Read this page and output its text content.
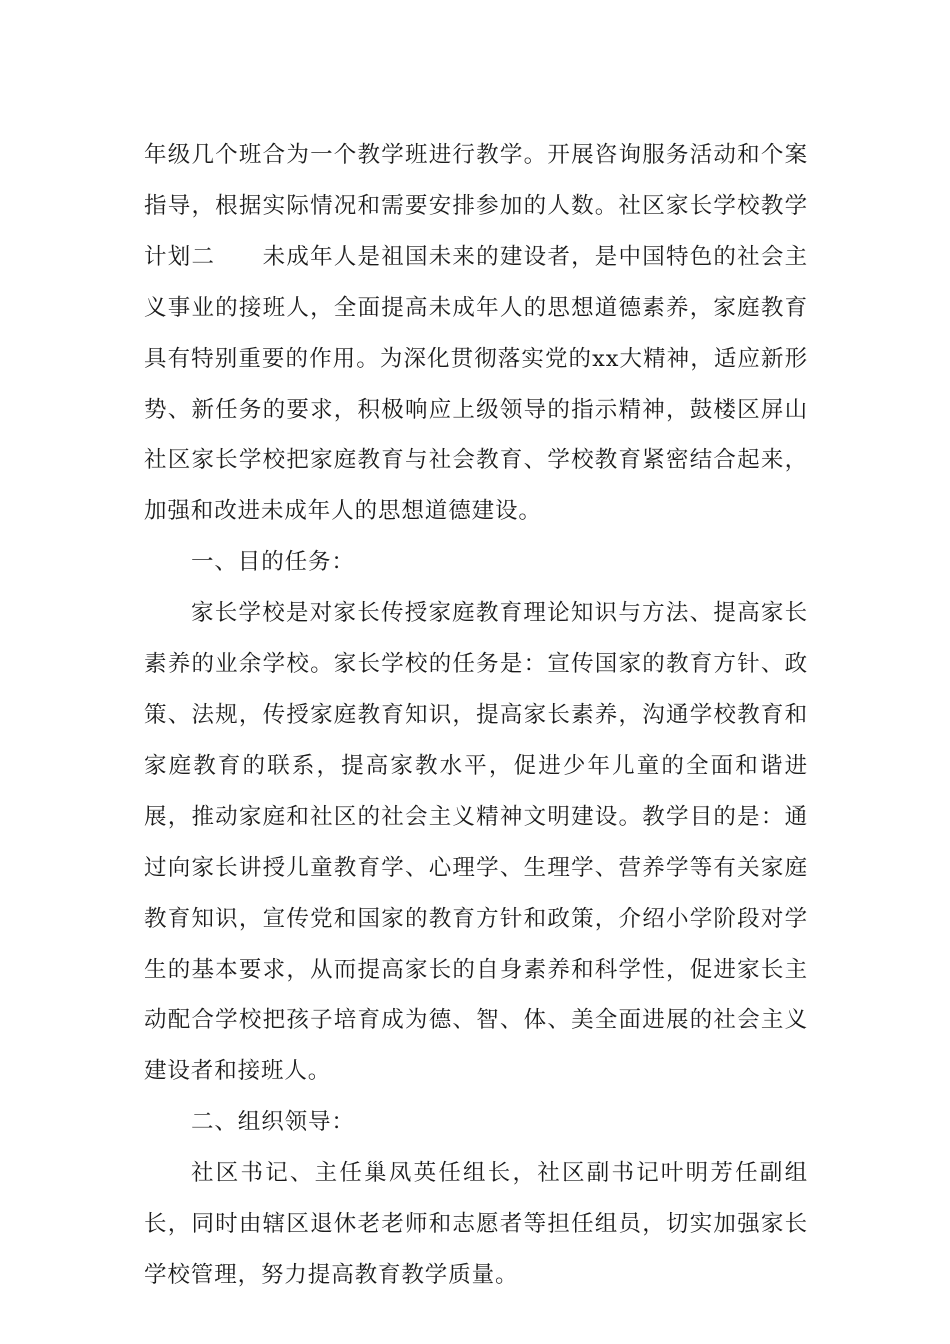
年级几个班合为一个教学班进行教学。开展咨询服务活动和个案指导，根据实际情况和需要安排参加的人数。社区家长学校教学计划二　　未成年人是祖国未来的建设者，是中国特色的社会主义事业的接班人，全面提高未成年人的思想道德素养，家庭教育具有特别重要的作用。为深化贯彻落实党的xx大精神，适应新形势、新任务的要求，积极响应上级领导的指示精神，鼓楼区屏山社区家长学校把家庭教育与社会教育、学校教育紧密结合起来，加强和改进未成年人的思想道德建设。

一、目的任务：

家长学校是对家长传授家庭教育理论知识与方法、提高家长素养的业余学校。家长学校的任务是：宣传国家的教育方针、政策、法规，传授家庭教育知识，提高家长素养，沟通学校教育和家庭教育的联系，提高家教水平，促进少年儿童的全面和谐进展，推动家庭和社区的社会主义精神文明建设。教学目的是：通过向家长讲授儿童教育学、心理学、生理学、营养学等有关家庭教育知识，宣传党和国家的教育方针和政策，介绍小学阶段对学生的基本要求，从而提高家长的自身素养和科学性，促进家长主动配合学校把孩子培育成为德、智、体、美全面进展的社会主义建设者和接班人。

二、组织领导：

社区书记、主任巢凤英任组长，社区副书记叶明芳任副组长，同时由辖区退休老老师和志愿者等担任组员，切实加强家长学校管理，努力提高教育教学质量。
